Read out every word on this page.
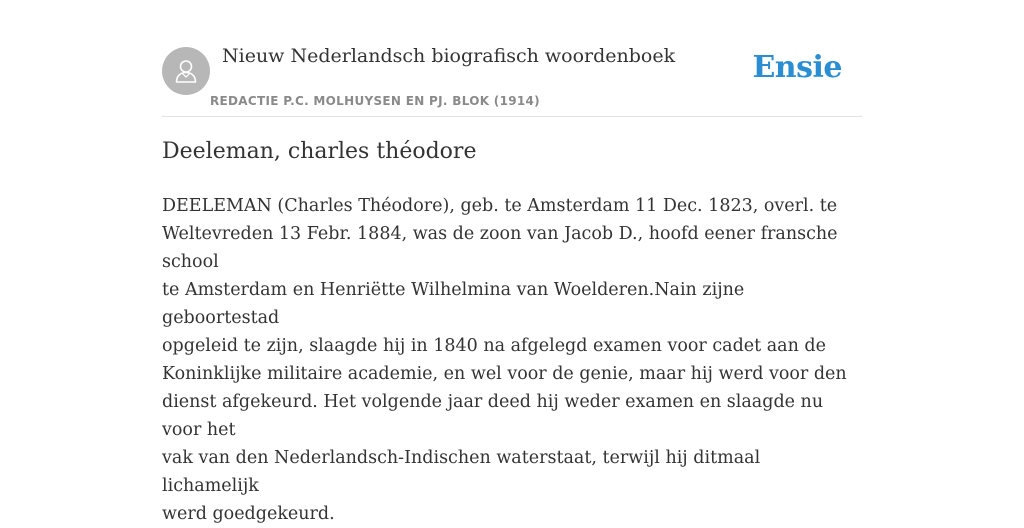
Nieuw Nederlandsch biografisch woordenboek
REDACTIE P.C. MOLHUYSEN EN PJ. BLOK (1914)
Ensie
Deeleman, charles théodore

DEELEMAN (Charles Théodore), geb. te Amsterdam 11 Dec. 1823, overl. te
Weltevreden 13 Febr. 1884, was de zoon van Jacob D., hoofd eener fransche school
te Amsterdam en Henriëtte Wilhelmina van Woelderen.Nain zijne geboortestad
opgeleid te zijn, slaagde hij in 1840 na afgelegd examen voor cadet aan de
Koninklijke militaire academie, en wel voor de genie, maar hij werd voor den
dienst afgekeurd. Het volgende jaar deed hij weder examen en slaagde nu voor het
vak van den Nederlandsch-Indischen waterstaat, terwijl hij ditmaal lichamelijk
werd goedgekeurd.
